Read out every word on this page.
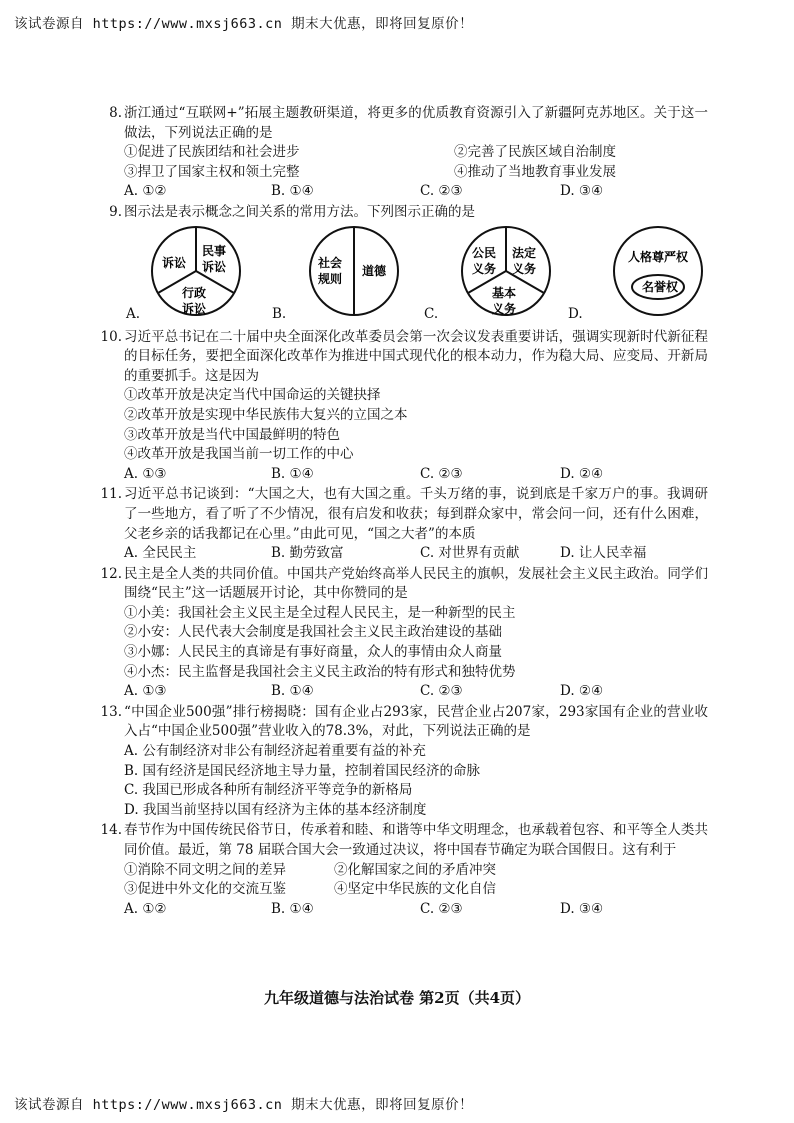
该试卷源自 https://www.mxsj663.cn 期末大优惠，即将回复原价！
8. 浙江通过“互联网+”拓展主题教研渠道，将更多的优质教育资源引入了新疆阿克苏地区。关于这一做法，下列说法正确的是
①促进了民族团结和社会进步	②完善了民族区域自治制度
③捍卫了国家主权和领土完整	④推动了当地教育事业发展
A. ①②	B. ①④	C. ②③	D. ③④
9. 图示法是表示概念之间关系的常用方法。下列图示正确的是
A.
诉讼
民事
诉讼
行政
诉讼	B.
社会
规则
道德
C.
公民
义务
法定
义务
基本
义务	D.
人格尊严权
名誉权
10. 习近平总书记在二十届中央全面深化改革委员会第一次会议发表重要讲话，强调实现新时代新征程的目标任务，要把全面深化改革作为推进中国式现代化的根本动力，作为稳大局、应变局、开新局的重要抓手。这是因为
①改革开放是决定当代中国命运的关键抉择
②改革开放是实现中华民族伟大复兴的立国之本
③改革开放是当代中国最鲜明的特色
④改革开放是我国当前一切工作的中心
A. ①③	B. ①④	C. ②③	D. ②④
11. 习近平总书记谈到：“大国之大，也有大国之重。千头万绪的事，说到底是千家万户的事。我调研了一些地方，看了听了不少情况，很有启发和收获；每到群众家中，常会问一问，还有什么困难，父老乡亲的话我都记在心里。”由此可见，“国之大者”的本质
A. 全民民主	B. 勤劳致富	C. 对世界有贡献	D. 让人民幸福
12. 民主是全人类的共同价值。中国共产党始终高举人民民主的旗帜，发展社会主义民主政治。同学们围绕“民主”这一话题展开讨论，其中你赞同的是
①小美：我国社会主义民主是全过程人民民主，是一种新型的民主
②小安：人民代表大会制度是我国社会主义民主政治建设的基础
③小娜：人民民主的真谛是有事好商量，众人的事情由众人商量
④小杰：民主监督是我国社会主义民主政治的特有形式和独特优势
A. ①③	B. ①④	C. ②③	D. ②④
13. “中国企业500强”排行榜揭晓：国有企业占293家，民营企业占207家，293家国有企业的营业收入占“中国企业500强”营业收入的78.3%，对此，下列说法正确的是
A. 公有制经济对非公有制经济起着重要有益的补充
B. 国有经济是国民经济地主导力量，控制着国民经济的命脉
C. 我国已形成各种所有制经济平等竞争的新格局
D. 我国当前坚持以国有经济为主体的基本经济制度
14. 春节作为中国传统民俗节日，传承着和睦、和谐等中华文明理念，也承载着包容、和平等全人类共同价值。最近，第 78 届联合国大会一致通过决议，将中国春节确定为联合国假日。这有利于
①消除不同文明之间的差异	②化解国家之间的矛盾冲突
③促进中外文化的交流互鉴	④坚定中华民族的文化自信
A. ①②	B. ①④	C. ②③	D. ③④
九年级道德与法治试卷 第2页（共4页）
该试卷源自 https://www.mxsj663.cn 期末大优惠，即将回复原价！
